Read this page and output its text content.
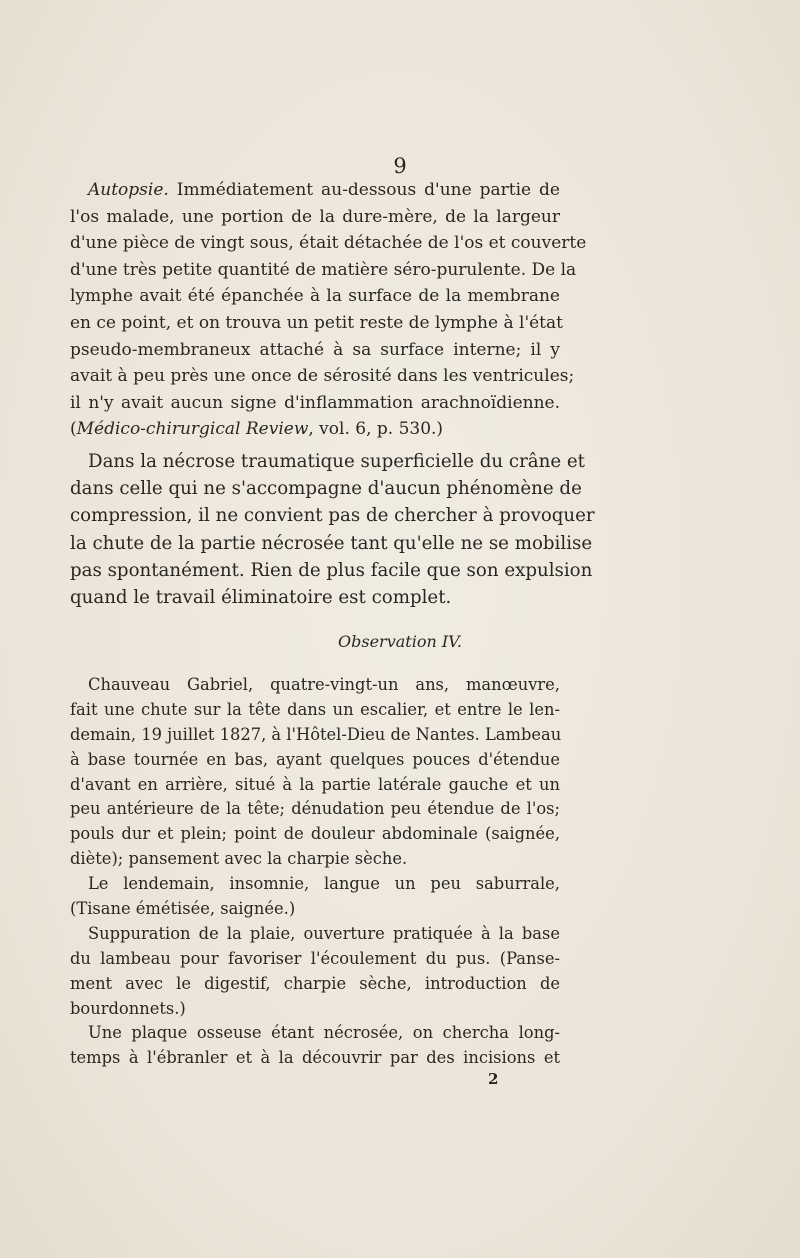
9
Autopsie. Immédiatement au-dessous d'une partie de
l'os malade, une portion de la dure-mère, de la largeur
d'une pièce de vingt sous, était détachée de l'os et couverte
d'une très petite quantité de matière séro-purulente. De la
lymphe avait été épanchée à la surface de la membrane
en ce point, et on trouva un petit reste de lymphe à l'état
pseudo-membraneux attaché à sa surface interne; il y
avait à peu près une once de sérosité dans les ventricules;
il n'y avait aucun signe d'inflammation arachnoïdienne.
(Médico-chirurgical Review, vol. 6, p. 530.)
Dans la nécrose traumatique superficielle du crâne et
dans celle qui ne s'accompagne d'aucun phénomène de
compression, il ne convient pas de chercher à provoquer
la chute de la partie nécrosée tant qu'elle ne se mobilise
pas spontanément. Rien de plus facile que son expulsion
quand le travail éliminatoire est complet.
Observation IV.
Chauveau Gabriel, quatre-vingt-un ans, manœuvre,
fait une chute sur la tête dans un escalier, et entre le len-
demain, 19 juillet 1827, à l'Hôtel-Dieu de Nantes. Lambeau
à base tournée en bas, ayant quelques pouces d'étendue
d'avant en arrière, situé à la partie latérale gauche et un
peu antérieure de la tête; dénudation peu étendue de l'os;
pouls dur et plein; point de douleur abdominale (saignée,
diète); pansement avec la charpie sèche.
Le lendemain, insomnie, langue un peu saburrale,
(Tisane émétisée, saignée.)
Suppuration de la plaie, ouverture pratiquée à la base
du lambeau pour favoriser l'écoulement du pus. (Panse-
ment avec le digestif, charpie sèche, introduction de
bourdonnets.)
Une plaque osseuse étant nécrosée, on chercha long-
temps à l'ébranler et à la découvrir par des incisions et
2
